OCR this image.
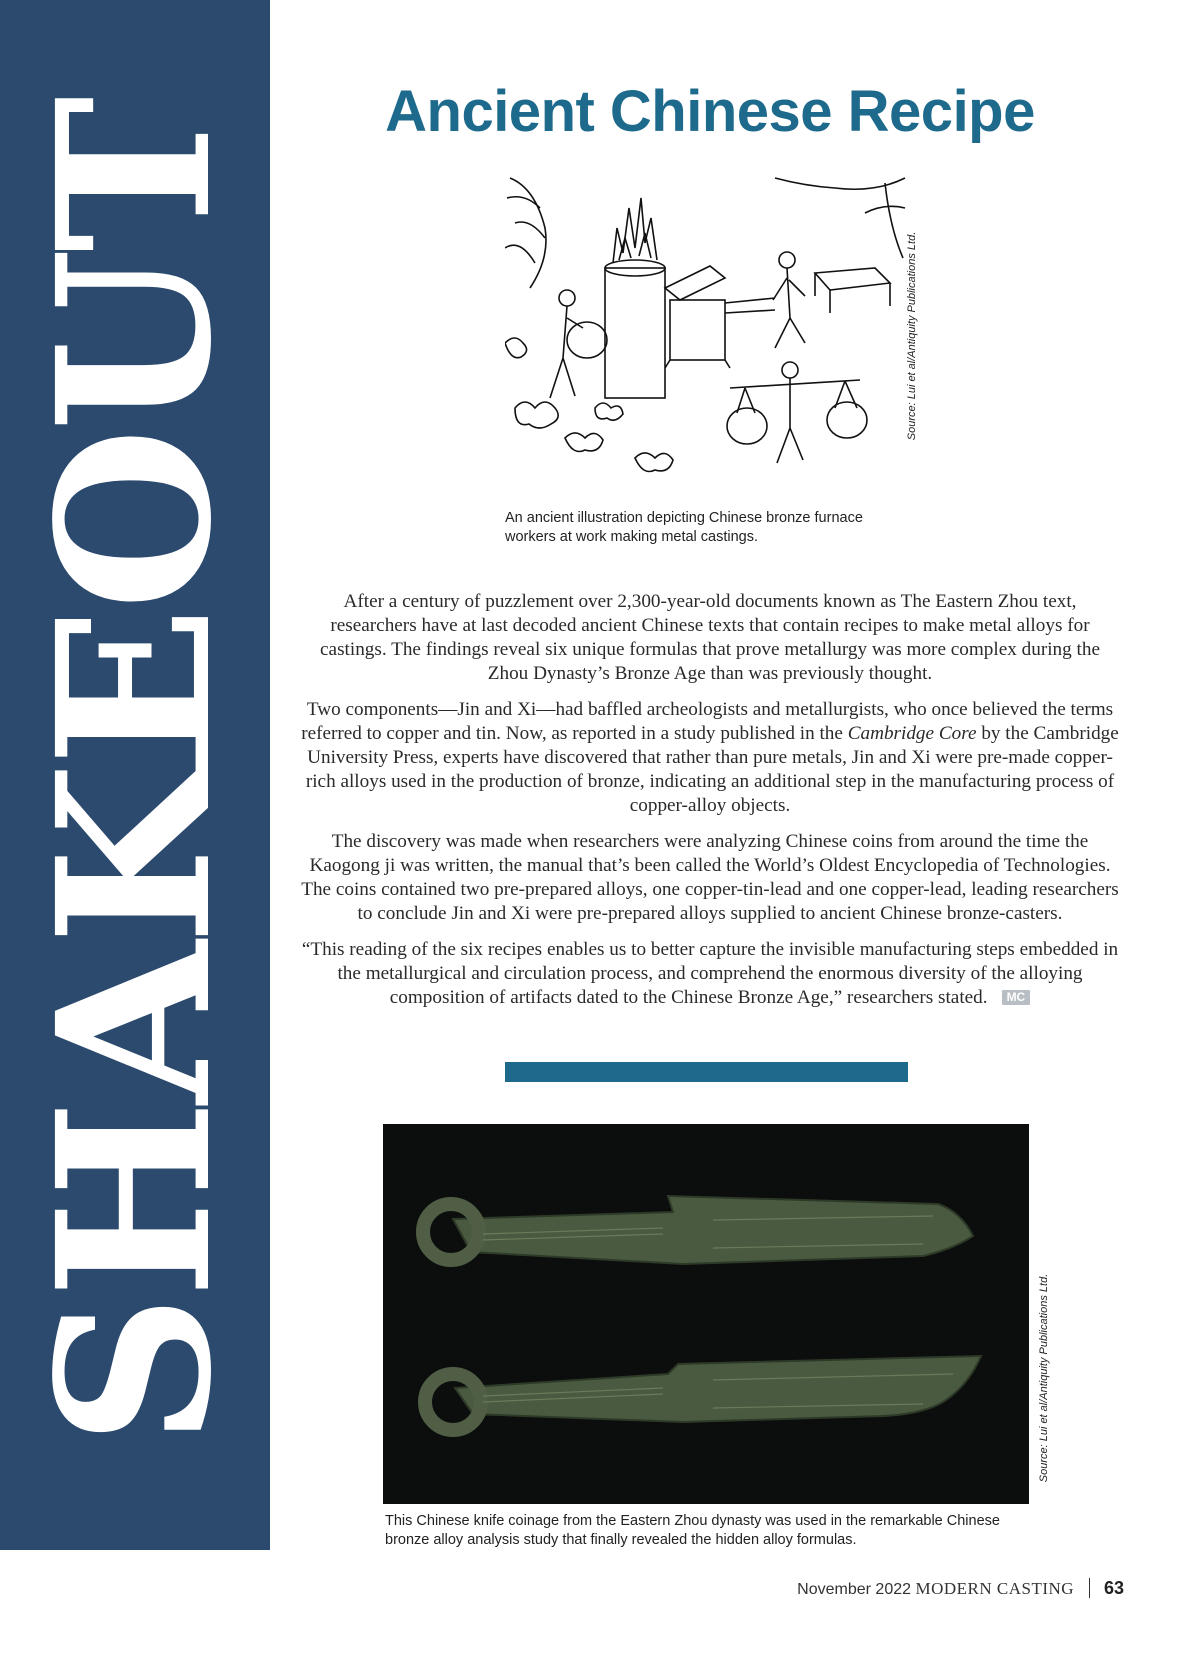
SHAKEOUT	Ancient Chinese Recipe
Source: Lui et al/Antiquity Publications Ltd.

An ancient illustration depicting Chinese bronze furnace workers at work making metal castings.

After a century of puzzlement over 2,300-year-old documents known as The Eastern Zhou text, researchers have at last decoded ancient Chinese texts that contain recipes to make metal alloys for castings. The findings reveal six unique formulas that prove metallurgy was more complex during the Zhou Dynasty’s Bronze Age than was previously thought.

Two components—Jin and Xi—had baffled archeologists and metallurgists, who once believed the terms referred to copper and tin. Now, as reported in a study published in the Cambridge Core by the Cambridge University Press, experts have discovered that rather than pure metals, Jin and Xi were pre-made copper-rich alloys used in the production of bronze, indicating an additional step in the manufacturing process of copper-alloy objects.

The discovery was made when researchers were analyzing Chinese coins from around the time the Kaogong ji was written, the manual that’s been called the World’s Oldest Encyclopedia of Technologies. The coins contained two pre-prepared alloys, one copper-tin-lead and one copper-lead, leading researchers to conclude Jin and Xi were pre-prepared alloys supplied to ancient Chinese bronze-casters.

“This reading of the six recipes enables us to better capture the invisible manufacturing steps embedded in the metallurgical and circulation process, and comprehend the enormous diversity of the alloying composition of artifacts dated to the Chinese Bronze Age,” researchers stated. MC

Source: Lui et al/Antiquity Publications Ltd.

This Chinese knife coinage from the Eastern Zhou dynasty was used in the remarkable Chinese bronze alloy analysis study that finally revealed the hidden alloy formulas.

November 2022 MODERN CASTING 63
